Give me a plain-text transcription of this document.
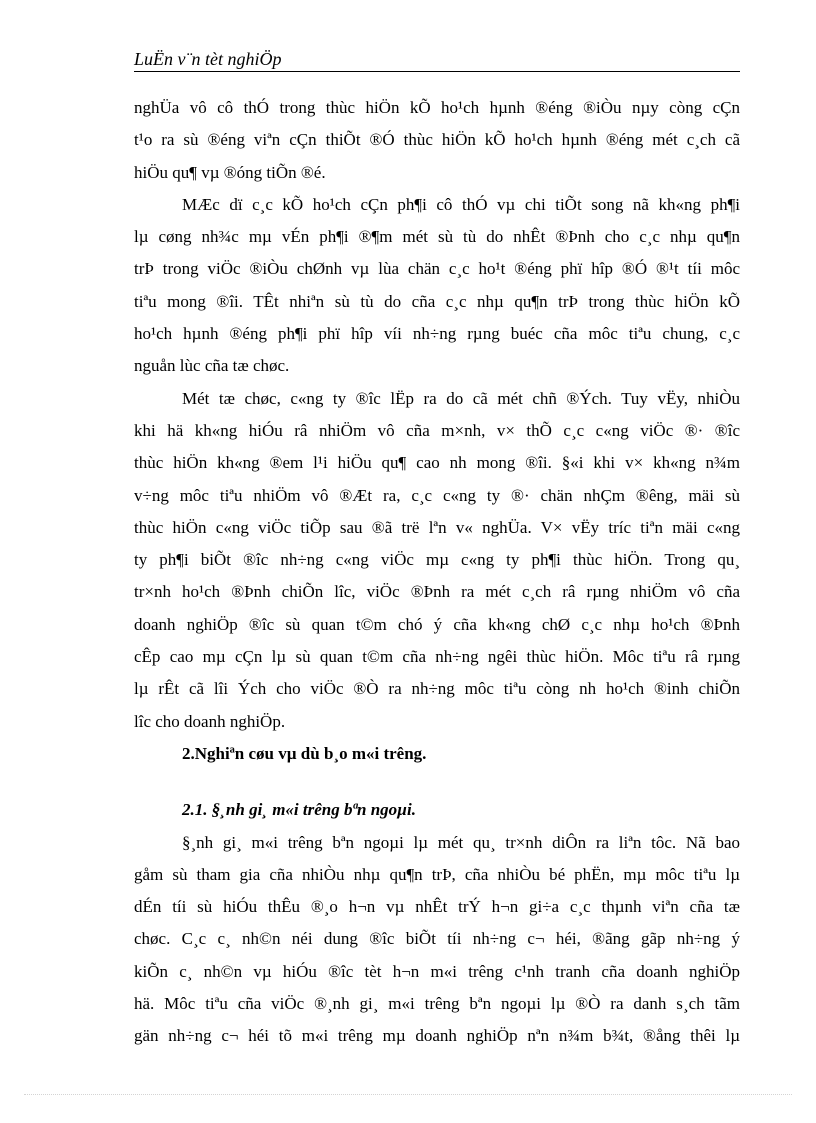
LuËn v¨n tèt nghiÖp
nghÜa vô cô thÓ trong thùc hiÖn kÕ ho¹ch hµnh ®éng ®iÒu nµy còng cÇn
t¹o ra sù ®éng viªn cÇn thiÕt ®Ó thùc hiÖn kÕ ho¹ch hµnh ®éng mét c¸ch cã
hiÖu qu¶ vµ ®óng tiÕn ®é.
MÆc dï c¸c kÕ ho¹ch cÇn ph¶i cô thÓ vµ chi tiÕt song nã kh«ng ph¶i
lµ cøng nh¾c mµ vÉn ph¶i ®¶m mét sù tù do nhÊt ®Þnh cho c¸c nhµ qu¶n
trÞ trong viÖc ®iÒu chØnh vµ lùa chän c¸c ho¹t ®éng phï hîp ®Ó ®¹t tíi môc
tiªu mong ®îi. TÊt nhiªn sù tù do cña c¸c nhµ qu¶n trÞ trong thùc hiÖn kÕ
ho¹ch hµnh ®éng ph¶i phï hîp víi nh÷ng rµng buéc cña môc tiªu chung, c¸c
nguån lùc cña tæ chøc.
Mét tæ chøc, c«ng ty ®îc lËp ra do cã mét chñ ®Ých. Tuy vËy, nhiÒu
khi hä kh«ng hiÓu râ nhiÖm vô cña m×nh, v× thÕ c¸c c«ng viÖc ®· ®îc
thùc hiÖn kh«ng ®em l¹i hiÖu qu¶ cao nh mong ®îi. §«i khi v× kh«ng n¾m
v÷ng môc tiªu nhiÖm vô ®Æt ra, c¸c c«ng ty ®· chän nhÇm ®êng, mäi sù
thùc hiÖn c«ng viÖc tiÕp sau ®ã trë lªn v« nghÜa. V× vËy tríc tiªn mäi c«ng
ty ph¶i biÕt ®îc nh÷ng c«ng viÖc mµ c«ng ty ph¶i thùc hiÖn. Trong qu¸
tr×nh ho¹ch ®Þnh chiÕn lîc, viÖc ®Þnh ra mét c¸ch râ rµng nhiÖm vô cña
doanh nghiÖp ®îc sù quan t©m chó ý cña kh«ng chØ c¸c nhµ ho¹ch ®Þnh
cÊp cao mµ cÇn lµ sù quan t©m cña nh÷ng ngêi thùc hiÖn. Môc tiªu râ rµng
lµ rÊt cã lîi Ých cho viÖc ®Ò ra nh÷ng môc tiªu còng nh ho¹ch ®inh chiÕn
lîc cho doanh nghiÖp.
2.Nghiªn cøu vµ dù b¸o m«i trêng.
2.1. §¸nh gi¸ m«i trêng bªn ngoµi.
§¸nh gi¸ m«i trêng bªn ngoµi lµ mét qu¸ tr×nh diÔn ra liªn tôc. Nã bao
gåm sù tham gia cña nhiÒu nhµ qu¶n trÞ, cña nhiÒu bé phËn, mµ môc tiªu lµ
dÉn tíi sù hiÓu thÊu ®¸o h¬n vµ nhÊt trÝ h¬n gi÷a c¸c thµnh viªn cña tæ
chøc. C¸c c¸ nh©n néi dung ®îc biÕt tíi nh÷ng c¬ héi, ®ãng gãp nh÷ng ý
kiÕn c¸ nh©n vµ hiÓu ®îc tèt h¬n m«i trêng c¹nh tranh cña doanh nghiÖp
hä. Môc tiªu cña viÖc ®¸nh gi¸ m«i trêng bªn ngoµi lµ ®Ò ra danh s¸ch tãm
gän nh÷ng c¬ héi tõ m«i trêng mµ doanh nghiÖp nªn n¾m b¾t, ®ång thêi lµ
